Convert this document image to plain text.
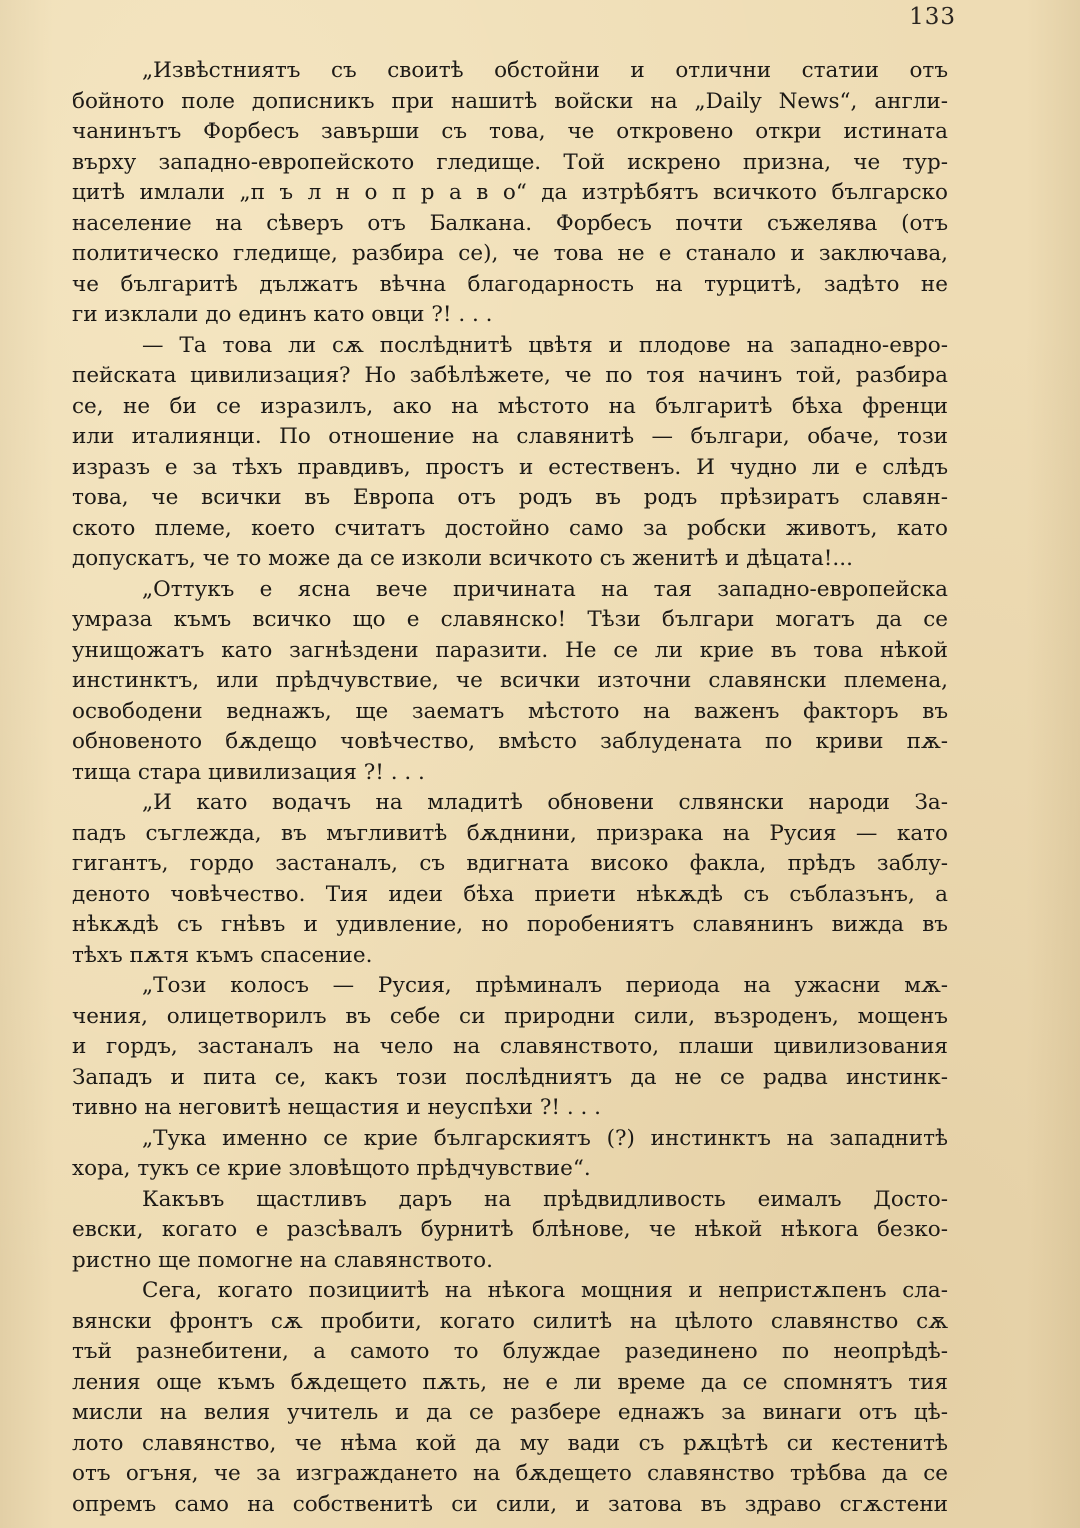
133
„Извѣстниятъ съ своитѣ обстойни и отлични статии отъ
бойното поле дописникъ при нашитѣ войски на „Daily News“, англи-
чанинътъ Форбесъ завърши съ това, че откровено откри истината
върху западно-европейското гледище. Той искрено призна, че тур-
цитѣ имлали „п ъ л н о п р а в о“ да изтрѣбятъ всичкото българско
население на сѣверъ отъ Балкана. Форбесъ почти съжелява (отъ
политическо гледище, разбира се), че това не е станало и заключава,
че българитѣ дължатъ вѣчна благодарность на турцитѣ, задѣто не
ги изклали до единъ като овци ?! . . .
— Та това ли сѫ послѣднитѣ цвѣтя и плодове на западно-евро-
пейската цивилизация? Но забѣлѣжете, че по тоя начинъ той, разбира
се, не би се изразилъ, ако на мѣстото на българитѣ бѣха френци
или италиянци. По отношение на славянитѣ — българи, обаче, този
изразъ е за тѣхъ правдивъ, простъ и естественъ. И чудно ли е слѣдъ
това, че всички въ Европа отъ родъ въ родъ прѣзиратъ славян-
ското племе, което считатъ достойно само за робски животъ, като
допускатъ, че то може да се изколи всичкото съ женитѣ и дѣцата!...
„Оттукъ е ясна вече причината на тая западно-европейска
умраза къмъ всичко що е славянско! Тѣзи българи могатъ да се
унищожатъ като загнѣздени паразити. Не се ли крие въ това нѣкой
инстинктъ, или прѣдчувствие, че всички източни славянски племена,
освободени веднажъ, ще заематъ мѣстото на важенъ факторъ въ
обновеното бѫдещо човѣчество, вмѣсто заблудената по криви пѫ-
тища стара цивилизация ?! . . .
„И като водачъ на младитѣ обновени слвянски народи За-
падъ съглежда, въ мъгливитѣ бѫднини, призрака на Русия — като
гигантъ, гордо застаналъ, съ вдигната високо факла, прѣдъ заблу-
деното човѣчество. Тия идеи бѣха приети нѣкѫдѣ съ съблазънъ, а
нѣкѫдѣ съ гнѣвъ и удивление, но поробениятъ славянинъ вижда въ
тѣхъ пѫтя къмъ спасение.
„Този колосъ — Русия, прѣминалъ периода на ужасни мѫ-
чения, олицетворилъ въ себе си природни сили, възроденъ, мощенъ
и гордъ, застаналъ на чело на славянството, плаши цивилизования
Западъ и пита се, какъ този послѣдниятъ да не се радва инстинк-
тивно на неговитѣ нещастия и неуспѣхи ?! . . .
„Тука именно се крие българскиятъ (?) инстинктъ на западнитѣ
хора, тукъ се крие зловѣщото прѣдчувствие“.
Какъвъ щастливъ даръ на прѣдвидливость еималъ Досто-
евски, когато е разсѣвалъ бурнитѣ блѣнове, че нѣкой нѣкога безко-
ристно ще помогне на славянството.
Сега, когато позициитѣ на нѣкога мощния и непристѫпенъ сла-
вянски фронтъ сѫ пробити, когато силитѣ на цѣлото славянство сѫ
тъй разнебитени, а самото то блуждае разединено по неопрѣдѣ-
ления още къмъ бѫдещето пѫть, не е ли време да се спомнятъ тия
мисли на велия учитель и да се разбере еднажъ за винаги отъ цѣ-
лото славянство, че нѣма кой да му вади съ рѫцѣтѣ си кестенитѣ
отъ огъня, че за изграждането на бѫдещето славянство трѣбва да се
опремъ само на собственитѣ си сили, и затова въ здраво сгѫстени
